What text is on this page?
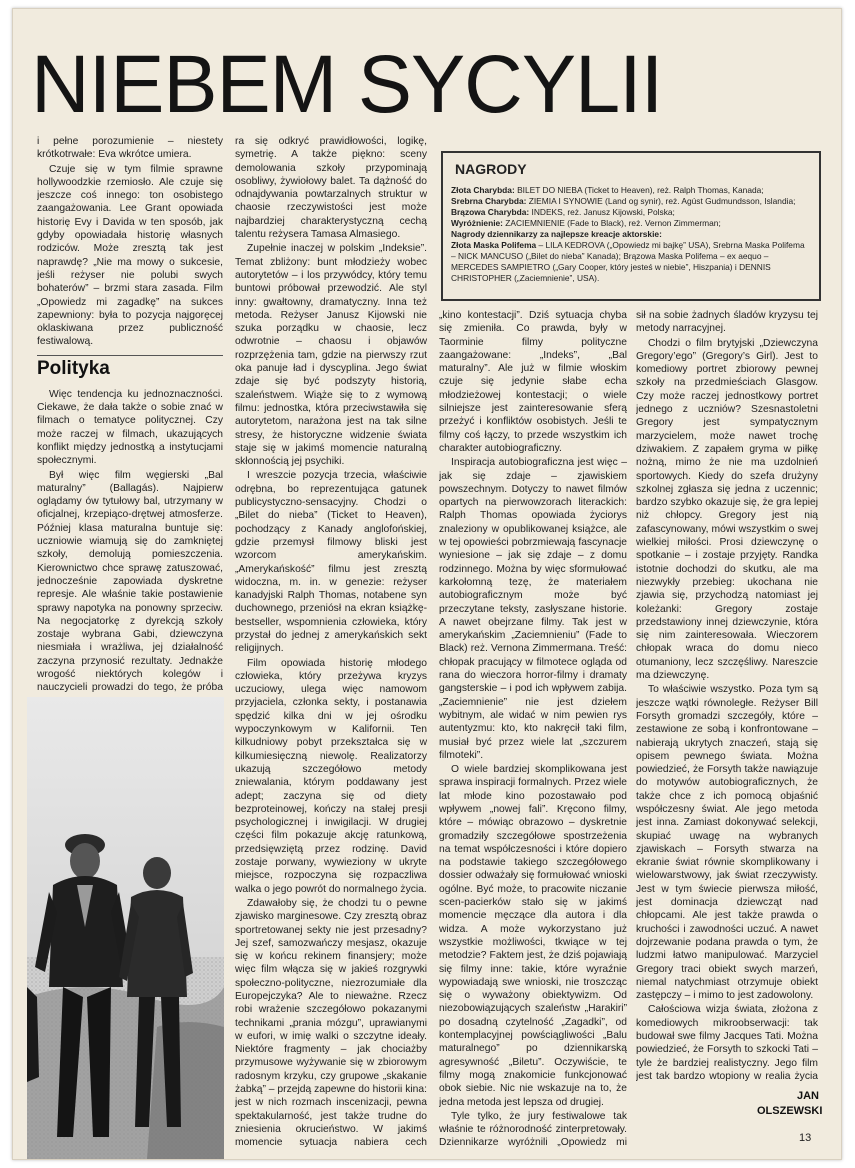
NIEBEM SYCYLII

i pełne porozumienie – niestety krótkotrwałe: Eva wkrótce umiera.

Czuje się w tym filmie sprawne hollywoodzkie rzemiosło. Ale czuje się jeszcze coś innego: ton osobistego zaangażowania. Lee Grant opowiada historię Evy i Davida w ten sposób, jak gdyby opowiadała historię własnych rodziców. Może zresztą tak jest naprawdę? „Nie ma mowy o sukcesie, jeśli reżyser nie polubi swych bohaterów” – brzmi stara zasada. Film „Opowiedz mi zagadkę” na sukces zapewniony: była to pozycja najgoręcej oklaskiwana przez publiczność festiwalową.

Polityka

Więc tendencja ku jednoznaczności. Ciekawe, że dała także o sobie znać w filmach o tematyce politycznej. Czy może raczej w filmach, ukazujących konflikt między jednostką a instytucjami społecznymi.

Był więc film węgierski „Bal maturalny” (Ballagás). Najpierw oglądamy ów tytułowy bal, utrzymany w oficjalnej, krzepiąco-drętwej atmosferze. Później klasa maturalna buntuje się: uczniowie wiamują się do zamkniętej szkoły, demolują pomieszczenia. Kierownictwo chce sprawę zatuszować, jednocześnie zapowiada dyskretne represje. Ale właśnie takie postawienie sprawy napotyka na ponowny sprzeciw. Na negocjatorkę z dyrekcją szkoły zostaje wybrana Gabi, dziewczyna niesmiała i wrażliwa, jej działalność zaczyna przynosić rezultaty. Jednakże wrogość niektórych kolegów i nauczycieli prowadzi do tego, że próba

ra się odkryć prawidłowości, logikę, symetrię. A także piękno: sceny demolowania szkoły przypominają osobliwy, żywiołowy balet. Ta dążność do odnajdywania powtarzalnych struktur w chaosie rzeczywistości jest może najbardziej charakterystyczną cechą talentu reżysera Tamasa Almasiego.

Zupełnie inaczej w polskim „Indeksie”. Temat zbliżony: bunt młodzieży wobec autorytetów – i los przywódcy, który temu buntowi próbował przewodzić. Ale styl inny: gwałtowny, dramatyczny. Inna też metoda. Reżyser Janusz Kijowski nie szuka porządku w chaosie, lecz odwrotnie – chaosu i objawów rozprzężenia tam, gdzie na pierwszy rzut oka panuje ład i dyscyplina. Jego świat zdaje się być podszyty historią, szaleństwem. Wiąże się to z wymową filmu: jednostka, która przeciwstawiła się autorytetom, narażona jest na tak silne stresy, że historyczne widzenie świata staje się w jakimś momencie naturalną skłonnością jej psychiki.

I wreszcie pozycja trzecia, właściwie odrębna, bo reprezentująca gatunek publicystyczno-sensacyjny. Chodzi o „Bilet do nieba” (Ticket to Heaven), pochodzący z Kanady anglofońskiej, gdzie przemysł filmowy bliski jest wzorcom amerykańskim. „Amerykańskość” filmu jest zresztą widoczna, m. in. w genezie: reżyser kanadyjski Ralph Thomas, notabene syn duchownego, przeniósł na ekran książkę-bestseller, wspomnienia człowieka, który przystał do jednej z amerykańskich sekt religijnych.

Film opowiada historię młodego człowieka, który przeżywa kryzys uczuciowy, ulega więc namowom przyjaciela, członka sekty, i postanawia spędzić kilka dni w jej ośrodku wypoczynkowym w Kalifornii. Ten kilkudniowy pobyt przekształca się w kilkumiesięczną niewolę. Realizatorzy ukazują szczegółowo metody zniewalania, którym poddawany jest adept; zaczyna się od diety bezproteinowej, kończy na stałej presji psychologicznej i inwigilacji. W drugiej części film pokazuje akcję ratunkową, przedsięwziętą przez rodzinę. David zostaje porwany, wywieziony w ukryte miejsce, rozpoczyna się rozpaczliwa walka o jego powrót do normalnego życia.

Zdawałoby się, że chodzi tu o pewne zjawisko marginesowe. Czy zresztą obraz sportretowanej sekty nie jest przesadny? Jej szef, samozwańczy mesjasz, okazuje się w końcu rekinem finansjery; może więc film włącza się w jakieś rozgrywki społeczno-polityczne, niezrozumiałe dla Europejczyka? Ale to nieważne. Rzecz robi wrażenie szczegółowo pokazanymi technikami „prania mózgu”, uprawianymi w eufori, w imię walki o szczytne ideały. Niektóre fragmenty – jak chociażby przymusowe wyżywanie się w zbiorowym radosnym krzyku, czy grupowe „skakanie żabką” – przejdą zapewne do historii kina: jest w nich rozmach inscenizacji, pewna spektakularność, jest także trudne do zniesienia okrucieństwo. W jakimś momencie sytuacja nabiera cech

NAGRODY

Złota Charybda: BILET DO NIEBA (Ticket to Heaven), reż. Ralph Thomas, Kanada;

Srebrna Charybda: ZIEMIA I SYNOWIE (Land og synir), reż. Agúst Gudmundsson, Islandia;

Brązowa Charybda: INDEKS, reż. Janusz Kijowski, Polska;

Wyróżnienie: ZACIEMNIENIE (Fade to Black), reż. Vernon Zimmerman;

Nagrody dziennikarzy za najlepsze kreacje aktorskie:

Złota Maska Polifema – LILA KEDROVA („Opowiedz mi bajkę” USA), Srebrna Maska Polifema – NICK MANCUSO („Bilet do nieba” Kanada); Brązowa Maska Polifema – ex aequo – MERCEDES SAMPIETRO („Gary Cooper, który jesteś w niebie”, Hiszpania) i DENNIS CHRISTOPHER („Zaciemnienie”, USA).

„kino kontestacji”. Dziś sytuacja chyba się zmieniła. Co prawda, były w Taorminie filmy polityczne zaangażowane: „Indeks”, „Bal maturalny”. Ale już w filmie włoskim czuje się jedynie słabe echa młodzieżowej kontestacji; o wiele silniejsze jest zainteresowanie sferą przeżyć i konfliktów osobistych. Jeśli te filmy coś łączy, to przede wszystkim ich charakter autobiograficzny.

Inspiracja autobiograficzna jest więc – jak się zdaje – zjawiskiem powszechnym. Dotyczy to nawet filmów opartych na pierwowzorach literackich: Ralph Thomas opowiada życiorys znaleziony w opublikowanej książce, ale w tej opowieści pobrzmiewają fascynacje wyniesione – jak się zdaje – z domu rodzinnego. Można by więc sformułować karkołomną tezę, że materiałem autobiograficznym może być przeczytane teksty, zasłyszane historie. A nawet obejrzane filmy. Tak jest w amerykańskim „Zaciemnieniu” (Fade to Black) reż. Vernona Zimmermana. Treść: chłopak pracujący w filmotece ogląda od rana do wieczora horror-filmy i dramaty gangsterskie – i pod ich wpływem zabija. „Zaciemnienie” nie jest dziełem wybitnym, ale widać w nim pewien rys autentyzmu: kto, kto nakręcił taki film, musiał być przez wiele lat „szczurem filmoteki”.

O wiele bardziej skomplikowana jest sprawa inspiracji formalnych. Przez wiele lat młode kino pozostawało pod wpływem „nowej fali”. Kręcono filmy, które – mówiąc obrazowo – dyskretnie gromadziły szczegółowe spostrzeżenia na temat współczesności i które dopiero na podstawie takiego szczegółowego dossier odważały się formułować wnioski ogólne. Być może, to pracowite niczanie scen-pacierków stało się w jakimś momencie męczące dla autora i dla widza. A może wykorzystano już wszystkie możliwości, tkwiące w tej metodzie? Faktem jest, że dziś pojawiają się filmy inne: takie, które wyraźnie wypowiadają swe wnioski, nie troszcząc się o wyważony obiektywizm. Od niezobowiązujących szaleństw „Harakiri” po dosadną czytelność „Zagadki”, od kontemplacyjnej powściągliwości „Balu maturalnego” po dziennikarską agresywność „Biletu”. Oczywiście, te filmy mogą znakomicie funkcjonować obok siebie. Nic nie wskazuje na to, że jedna metoda jest lepsza od drugiej.

Tyle tylko, że jury festiwalowe tak właśnie te różnorodność zinterpretowały. Dziennikarze wyróżnili „Opowiedz mi

sił na sobie żadnych śladów kryzysu tej metody narracyjnej.

Chodzi o film brytyjski „Dziewczyna Gregory’ego” (Gregory’s Girl). Jest to komediowy portret zbiorowy pewnej szkoły na przedmieściach Glasgow. Czy może raczej jednostkowy portret jednego z uczniów? Szesnastoletni Gregory jest sympatycznym marzycielem, może nawet trochę dziwakiem. Z zapałem gryma w piłkę nożną, mimo że nie ma uzdolnień sportowych. Kiedy do szefa drużyny szkolnej zgłasza się jedna z uczennic; bardzo szybko okazuje się, że gra lepiej niż chłopcy. Gregory jest nią zafascynowany, mówi wszystkim o swej wielkiej miłości. Prosi dziewczynę o spotkanie – i zostaje przyjęty. Randka istotnie dochodzi do skutku, ale ma niezwykły przebieg: ukochana nie zjawia się, przychodzą natomiast jej koleżanki: Gregory zostaje przedstawiony innej dziewczynie, która się nim zainteresowała. Wieczorem chłopak wraca do domu nieco otumaniony, lecz szczęśliwy. Nareszcie ma dziewczynę.

To właściwie wszystko. Poza tym są jeszcze wątki równoległe. Reżyser Bill Forsyth gromadzi szczegóły, które – zestawione ze sobą i konfrontowane – nabierają ukrytych znaczeń, stają się opisem pewnego świata. Można powiedzieć, że Forsyth także nawiązuje do motywów autobiograficznych, że także chce z ich pomocą objaśnić współczesny świat. Ale jego metoda jest inna. Zamiast dokonywać selekcji, skupiać uwagę na wybranych zjawiskach – Forsyth stwarza na ekranie świat równie skomplikowany i wielowarstwowy, jak świat rzeczywisty. Jest w tym świecie pierwsza miłość, jest dominacja dziewcząt nad chłopcami. Ale jest także prawda o kruchości i zawodności uczuć. A nawet dojrzewanie podana prawda o tym, że ludzmi łatwo manipulować. Marzyciel Gregory traci obiekt swych marzeń, niemal natychmiast otrzymuje obiekt zastępczy – i mimo to jest zadowolony.

Całościowa wizja świata, złożona z komediowych mikroobserwacji: tak budował swe filmy Jacques Tati. Można powiedzieć, że Forsyth to szkocki Tati – tyle że bardziej realistyczny. Jego film jest tak bardzo wtopiony w realia życia

JAN
OLSZEWSKI
13
